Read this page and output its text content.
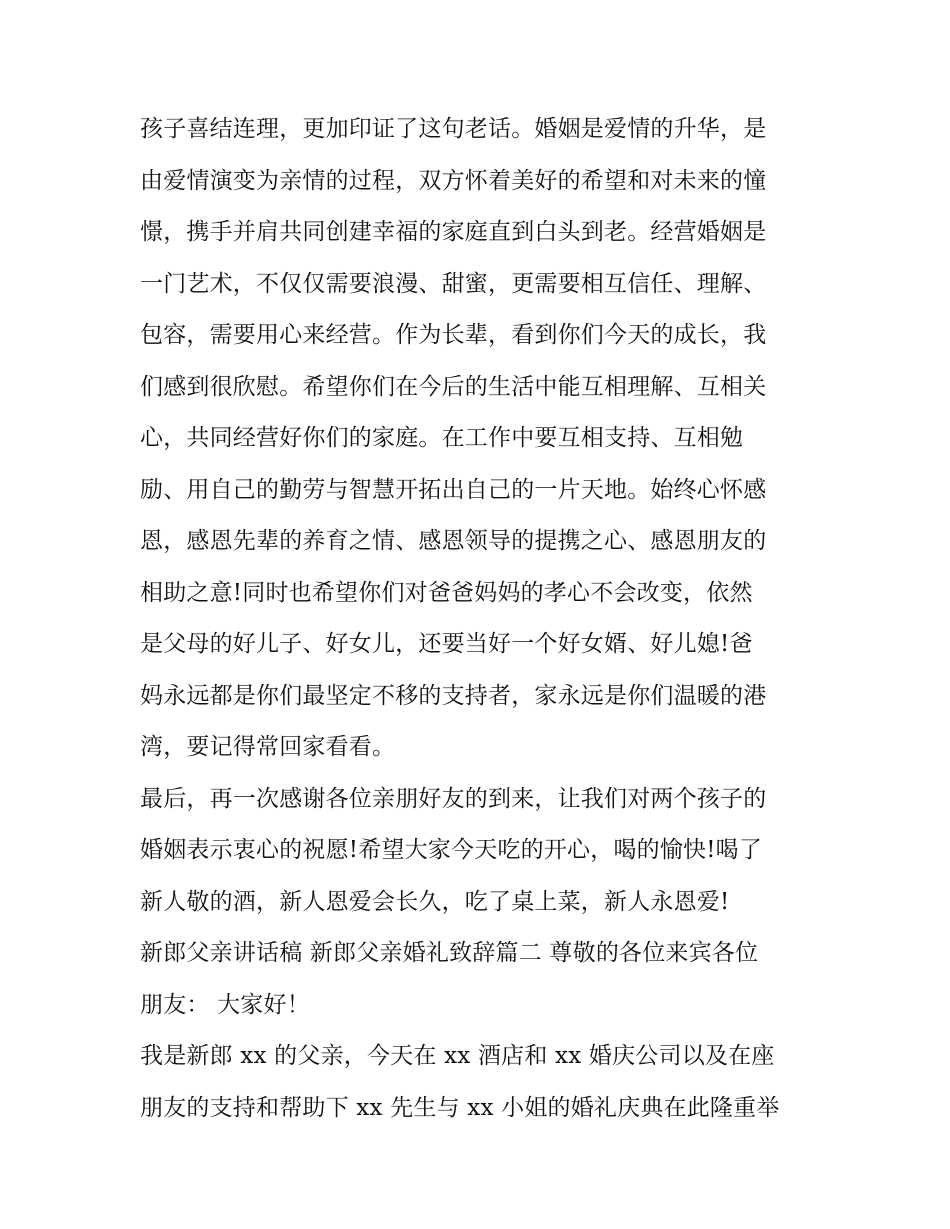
孩子喜结连理，更加印证了这句老话。婚姻是爱情的升华，是
由爱情演变为亲情的过程，双方怀着美好的希望和对未来的憧
憬，携手并肩共同创建幸福的家庭直到白头到老。经营婚姻是
一门艺术，不仅仅需要浪漫、甜蜜，更需要相互信任、理解、
包容，需要用心来经营。作为长辈，看到你们今天的成长，我
们感到很欣慰。希望你们在今后的生活中能互相理解、互相关
心，共同经营好你们的家庭。在工作中要互相支持、互相勉
励、用自己的勤劳与智慧开拓出自己的一片天地。始终心怀感
恩，感恩先辈的养育之情、感恩领导的提携之心、感恩朋友的
相助之意!同时也希望你们对爸爸妈妈的孝心不会改变，依然
是父母的好儿子、好女儿，还要当好一个好女婿、好儿媳!爸
妈永远都是你们最坚定不移的支持者，家永远是你们温暖的港
湾，要记得常回家看看。
最后，再一次感谢各位亲朋好友的到来，让我们对两个孩子的
婚姻表示衷心的祝愿!希望大家今天吃的开心，喝的愉快!喝了
新人敬的酒，新人恩爱会长久，吃了桌上菜，新人永恩爱!
新郎父亲讲话稿 新郎父亲婚礼致辞篇二 尊敬的各位来宾各位
朋友： 大家好！
我是新郎 xx 的父亲，今天在 xx 酒店和 xx 婚庆公司以及在座
朋友的支持和帮助下 xx 先生与 xx 小姐的婚礼庆典在此隆重举
